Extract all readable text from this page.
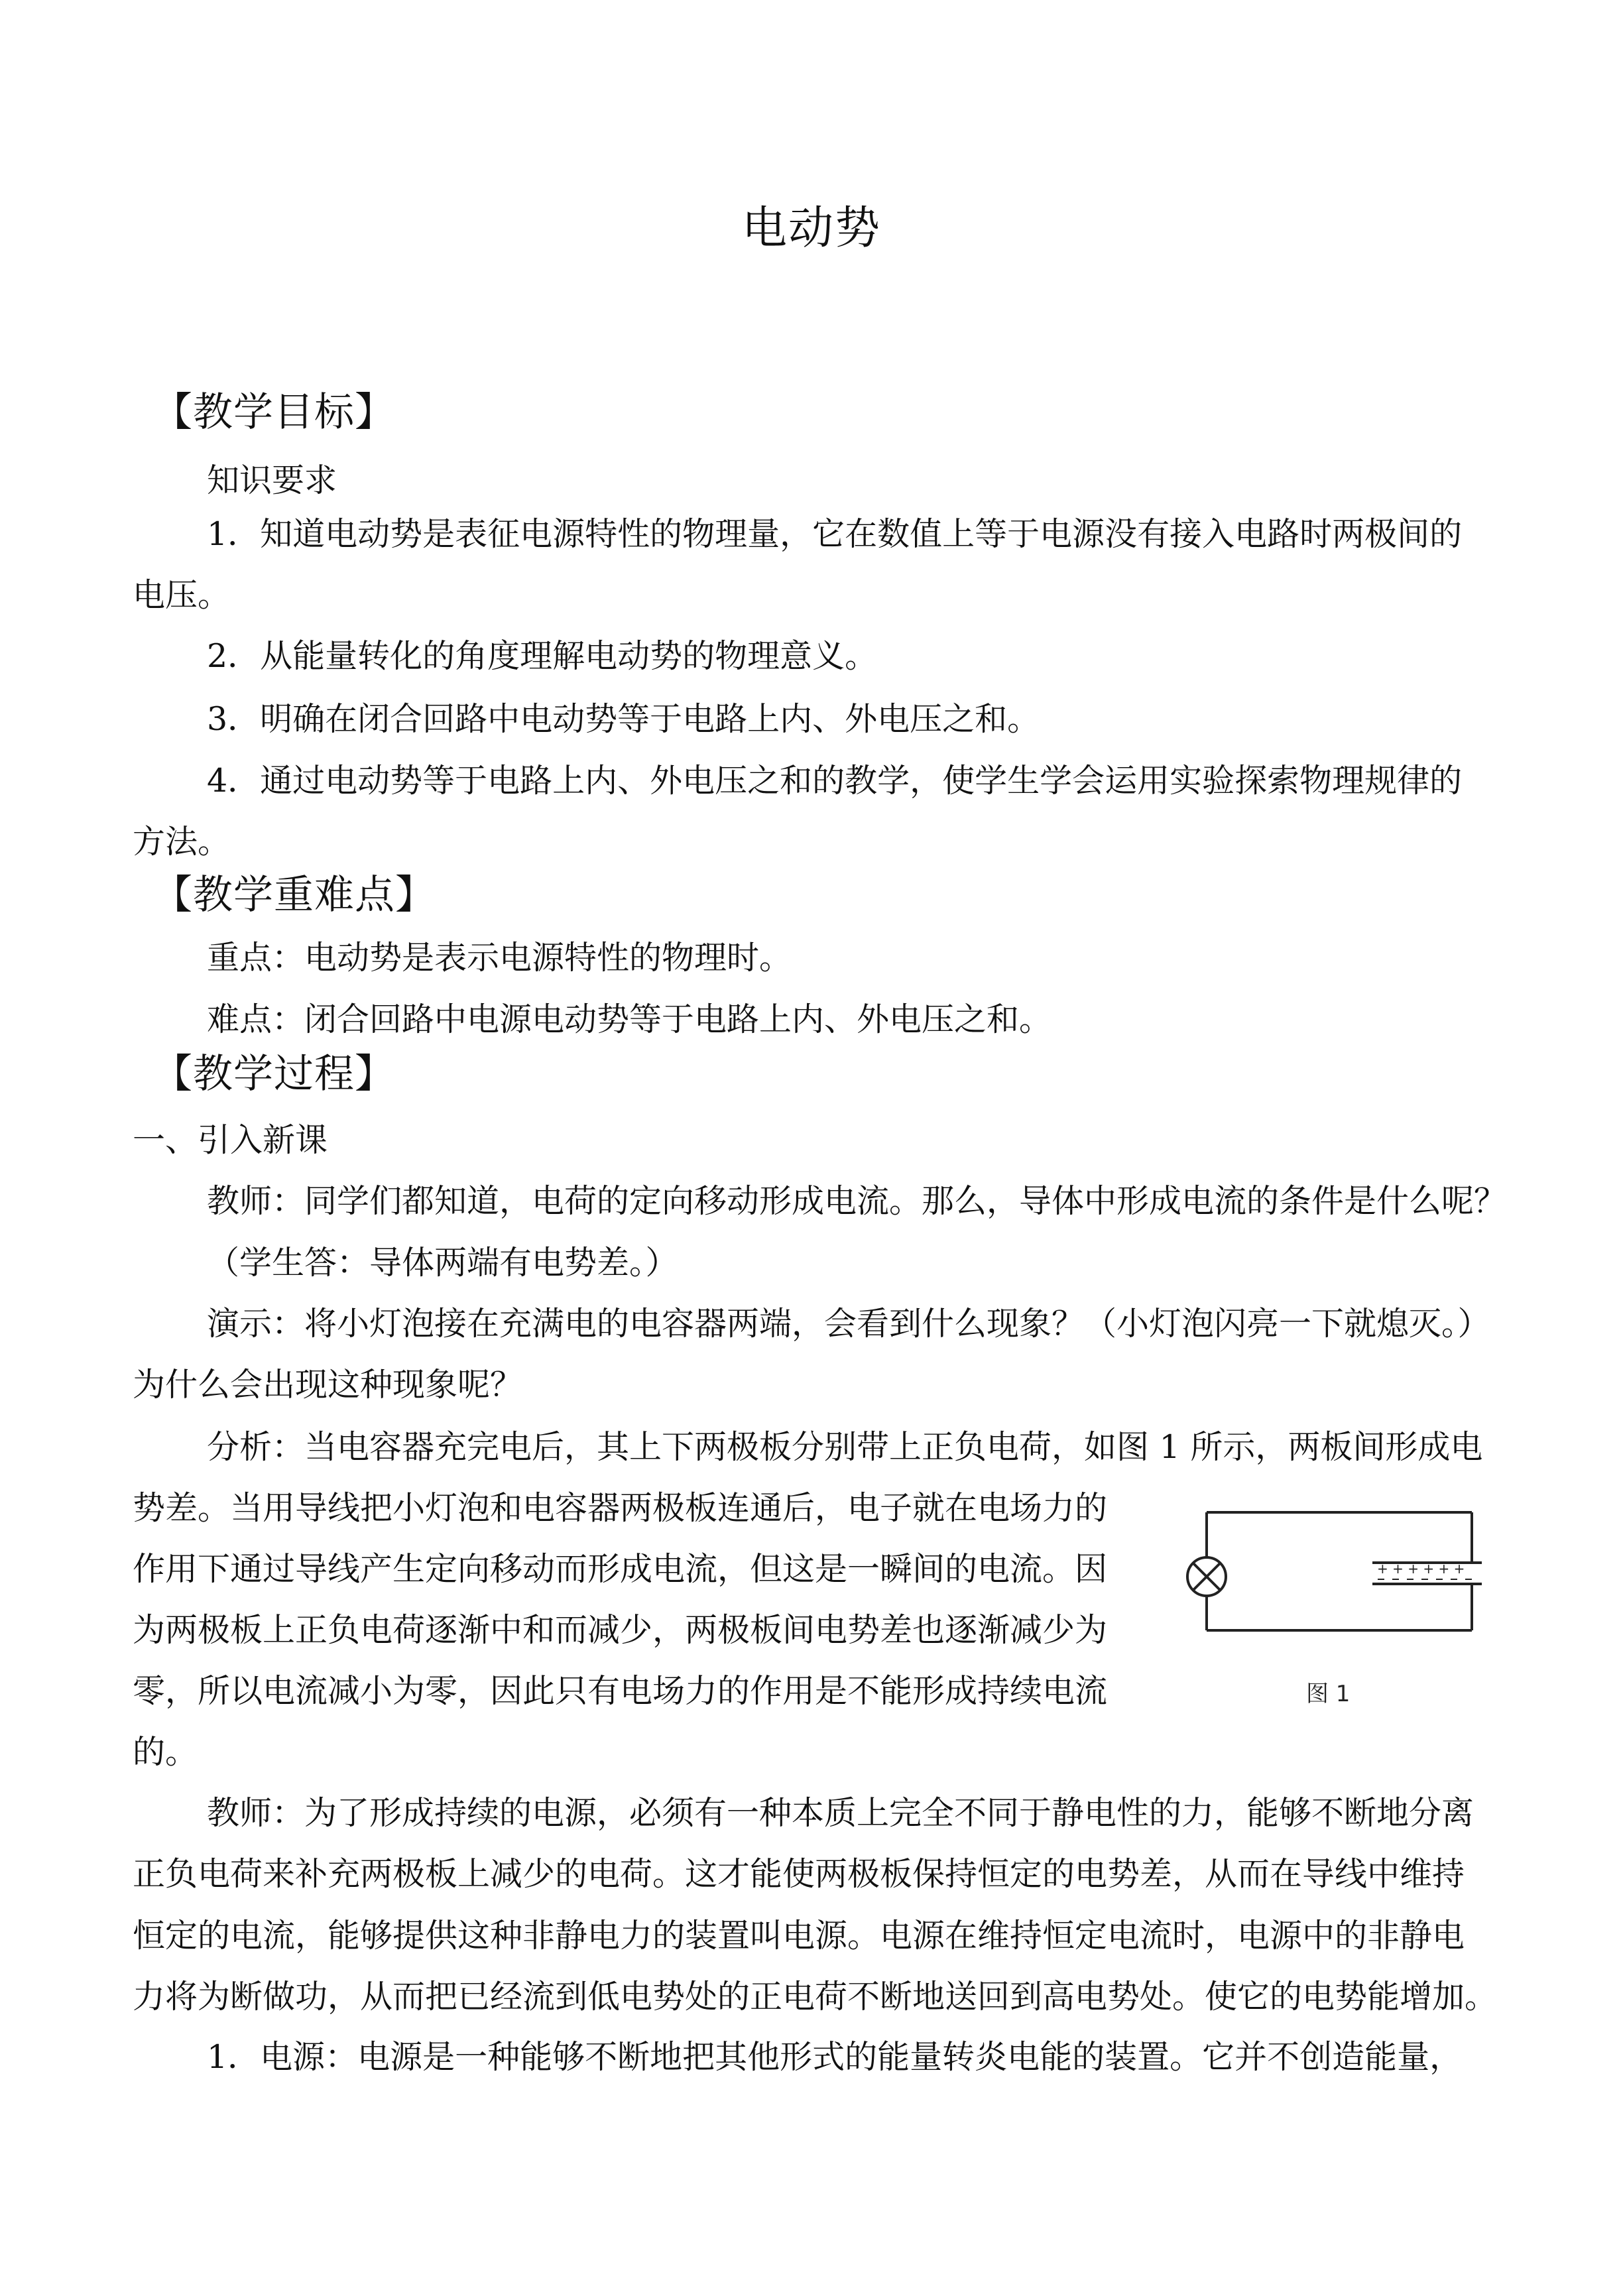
电动势
【教学目标】
知识要求
1．知道电动势是表征电源特性的物理量，它在数值上等于电源没有接入电路时两极间的
电压。
2．从能量转化的角度理解电动势的物理意义。
3．明确在闭合回路中电动势等于电路上内、外电压之和。
4．通过电动势等于电路上内、外电压之和的教学，使学生学会运用实验探索物理规律的
方法。
【教学重难点】
重点：电动势是表示电源特性的物理时。
难点：闭合回路中电源电动势等于电路上内、外电压之和。
【教学过程】
一、引入新课
教师：同学们都知道，电荷的定向移动形成电流。那么，导体中形成电流的条件是什么呢？
（学生答：导体两端有电势差。）
演示：将小灯泡接在充满电的电容器两端，会看到什么现象？（小灯泡闪亮一下就熄灭。）
为什么会出现这种现象呢？
分析：当电容器充完电后，其上下两极板分别带上正负电荷，如图 1 所示，两板间形成电
势差。当用导线把小灯泡和电容器两极板连通后，电子就在电场力的
作用下通过导线产生定向移动而形成电流，但这是一瞬间的电流。因
为两极板上正负电荷逐渐中和而减少，两极板间电势差也逐渐减少为
零，所以电流减小为零，因此只有电场力的作用是不能形成持续电流
的。
+ + + + + +
图 1
教师：为了形成持续的电源，必须有一种本质上完全不同于静电性的力，能够不断地分离
正负电荷来补充两极板上减少的电荷。这才能使两极板保持恒定的电势差，从而在导线中维持
恒定的电流，能够提供这种非静电力的装置叫电源。电源在维持恒定电流时，电源中的非静电
力将为断做功，从而把已经流到低电势处的正电荷不断地送回到高电势处。使它的电势能增加。
1．电源：电源是一种能够不断地把其他形式的能量转炎电能的装置。它并不创造能量，
